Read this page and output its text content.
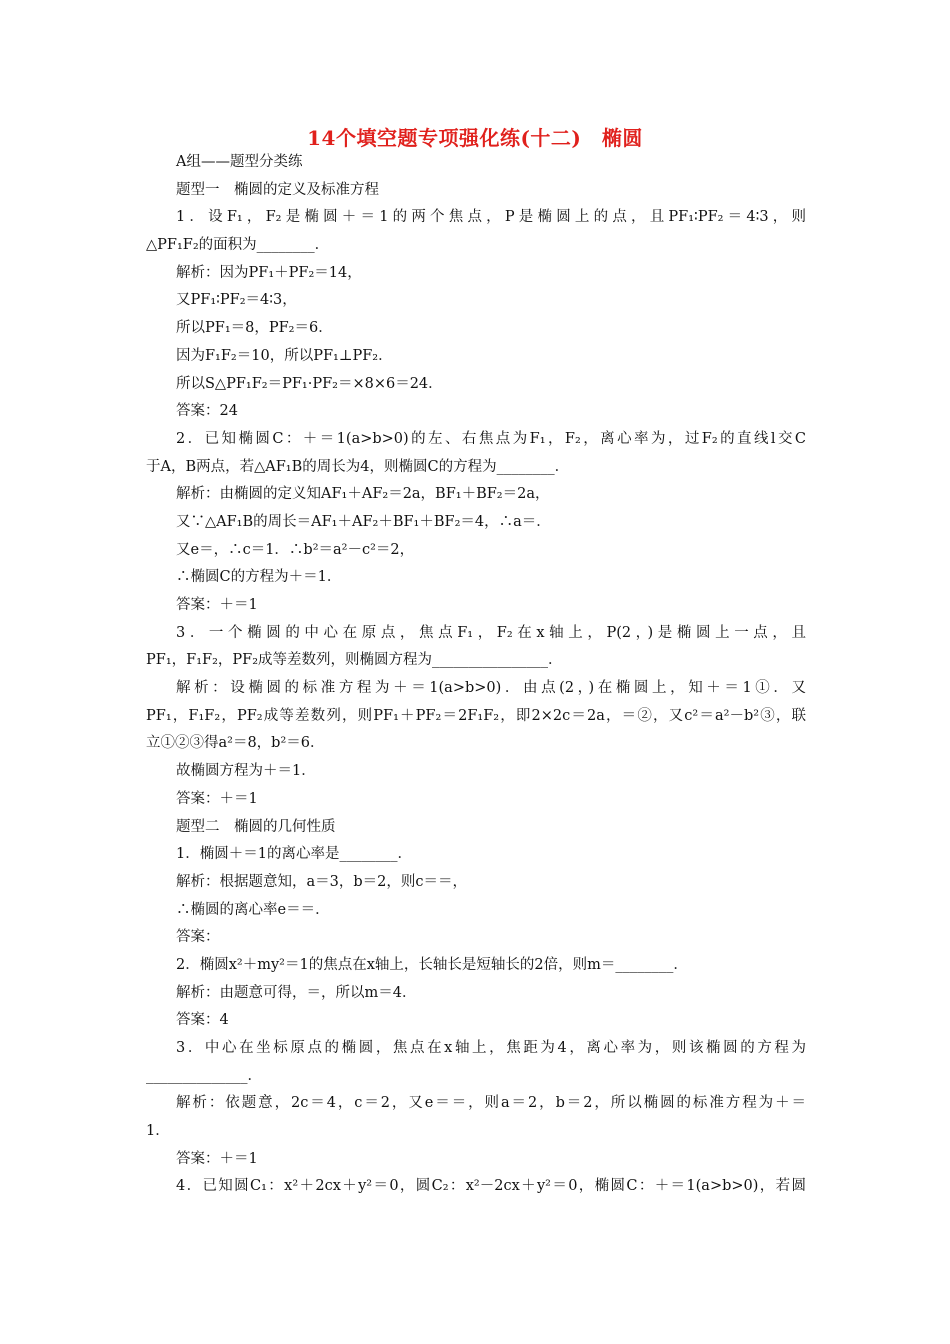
14个填空题专项强化练(十二)　椭圆
A组——题型分类练
题型一　椭圆的定义及标准方程
1．设F₁，F₂是椭圆＋＝1的两个焦点，P是椭圆上的点，且PF₁∶PF₂＝4∶3，则
△PF₁F₂的面积为________．
解析：因为PF₁＋PF₂＝14，
又PF₁∶PF₂＝4∶3，
所以PF₁＝8，PF₂＝6．
因为F₁F₂＝10，所以PF₁⊥PF₂．
所以S△PF₁F₂＝PF₁·PF₂＝×8×6＝24．
答案：24
2．已知椭圆C：＋＝1(a>b>0)的左、右焦点为F₁，F₂，离心率为，过F₂的直线l交C
于A，B两点，若△AF₁B的周长为4，则椭圆C的方程为________．
解析：由椭圆的定义知AF₁＋AF₂＝2a，BF₁＋BF₂＝2a，
又∵△AF₁B的周长＝AF₁＋AF₂＋BF₁＋BF₂＝4，∴a＝．
又e＝，∴c＝1．∴b²＝a²－c²＝2，
∴椭圆C的方程为＋＝1．
答案：＋＝1
3．一个椭圆的中心在原点，焦点F₁，F₂在x轴上，P(2，)是椭圆上一点，且
PF₁，F₁F₂，PF₂成等差数列，则椭圆方程为________________．
解析：设椭圆的标准方程为＋＝1(a>b>0)．由点(2，)在椭圆上，知＋＝1①．又
PF₁，F₁F₂，PF₂成等差数列，则PF₁＋PF₂＝2F₁F₂，即2×2c＝2a，＝②，又c²＝a²－b²③，联
立①②③得a²＝8，b²＝6．
故椭圆方程为＋＝1．
答案：＋＝1
题型二　椭圆的几何性质
1．椭圆＋＝1的离心率是________．
解析：根据题意知，a＝3，b＝2，则c＝＝，
∴椭圆的离心率e＝＝．
答案：
2．椭圆x²＋my²＝1的焦点在x轴上，长轴长是短轴长的2倍，则m＝________．
解析：由题意可得，＝，所以m＝4．
答案：4
3．中心在坐标原点的椭圆，焦点在x轴上，焦距为4，离心率为，则该椭圆的方程为
______________．
解析：依题意，2c＝4，c＝2，又e＝＝，则a＝2，b＝2，所以椭圆的标准方程为＋＝
1．
答案：＋＝1
4．已知圆C₁：x²＋2cx＋y²＝0，圆C₂：x²－2cx＋y²＝0，椭圆C：＋＝1(a>b>0)，若圆
